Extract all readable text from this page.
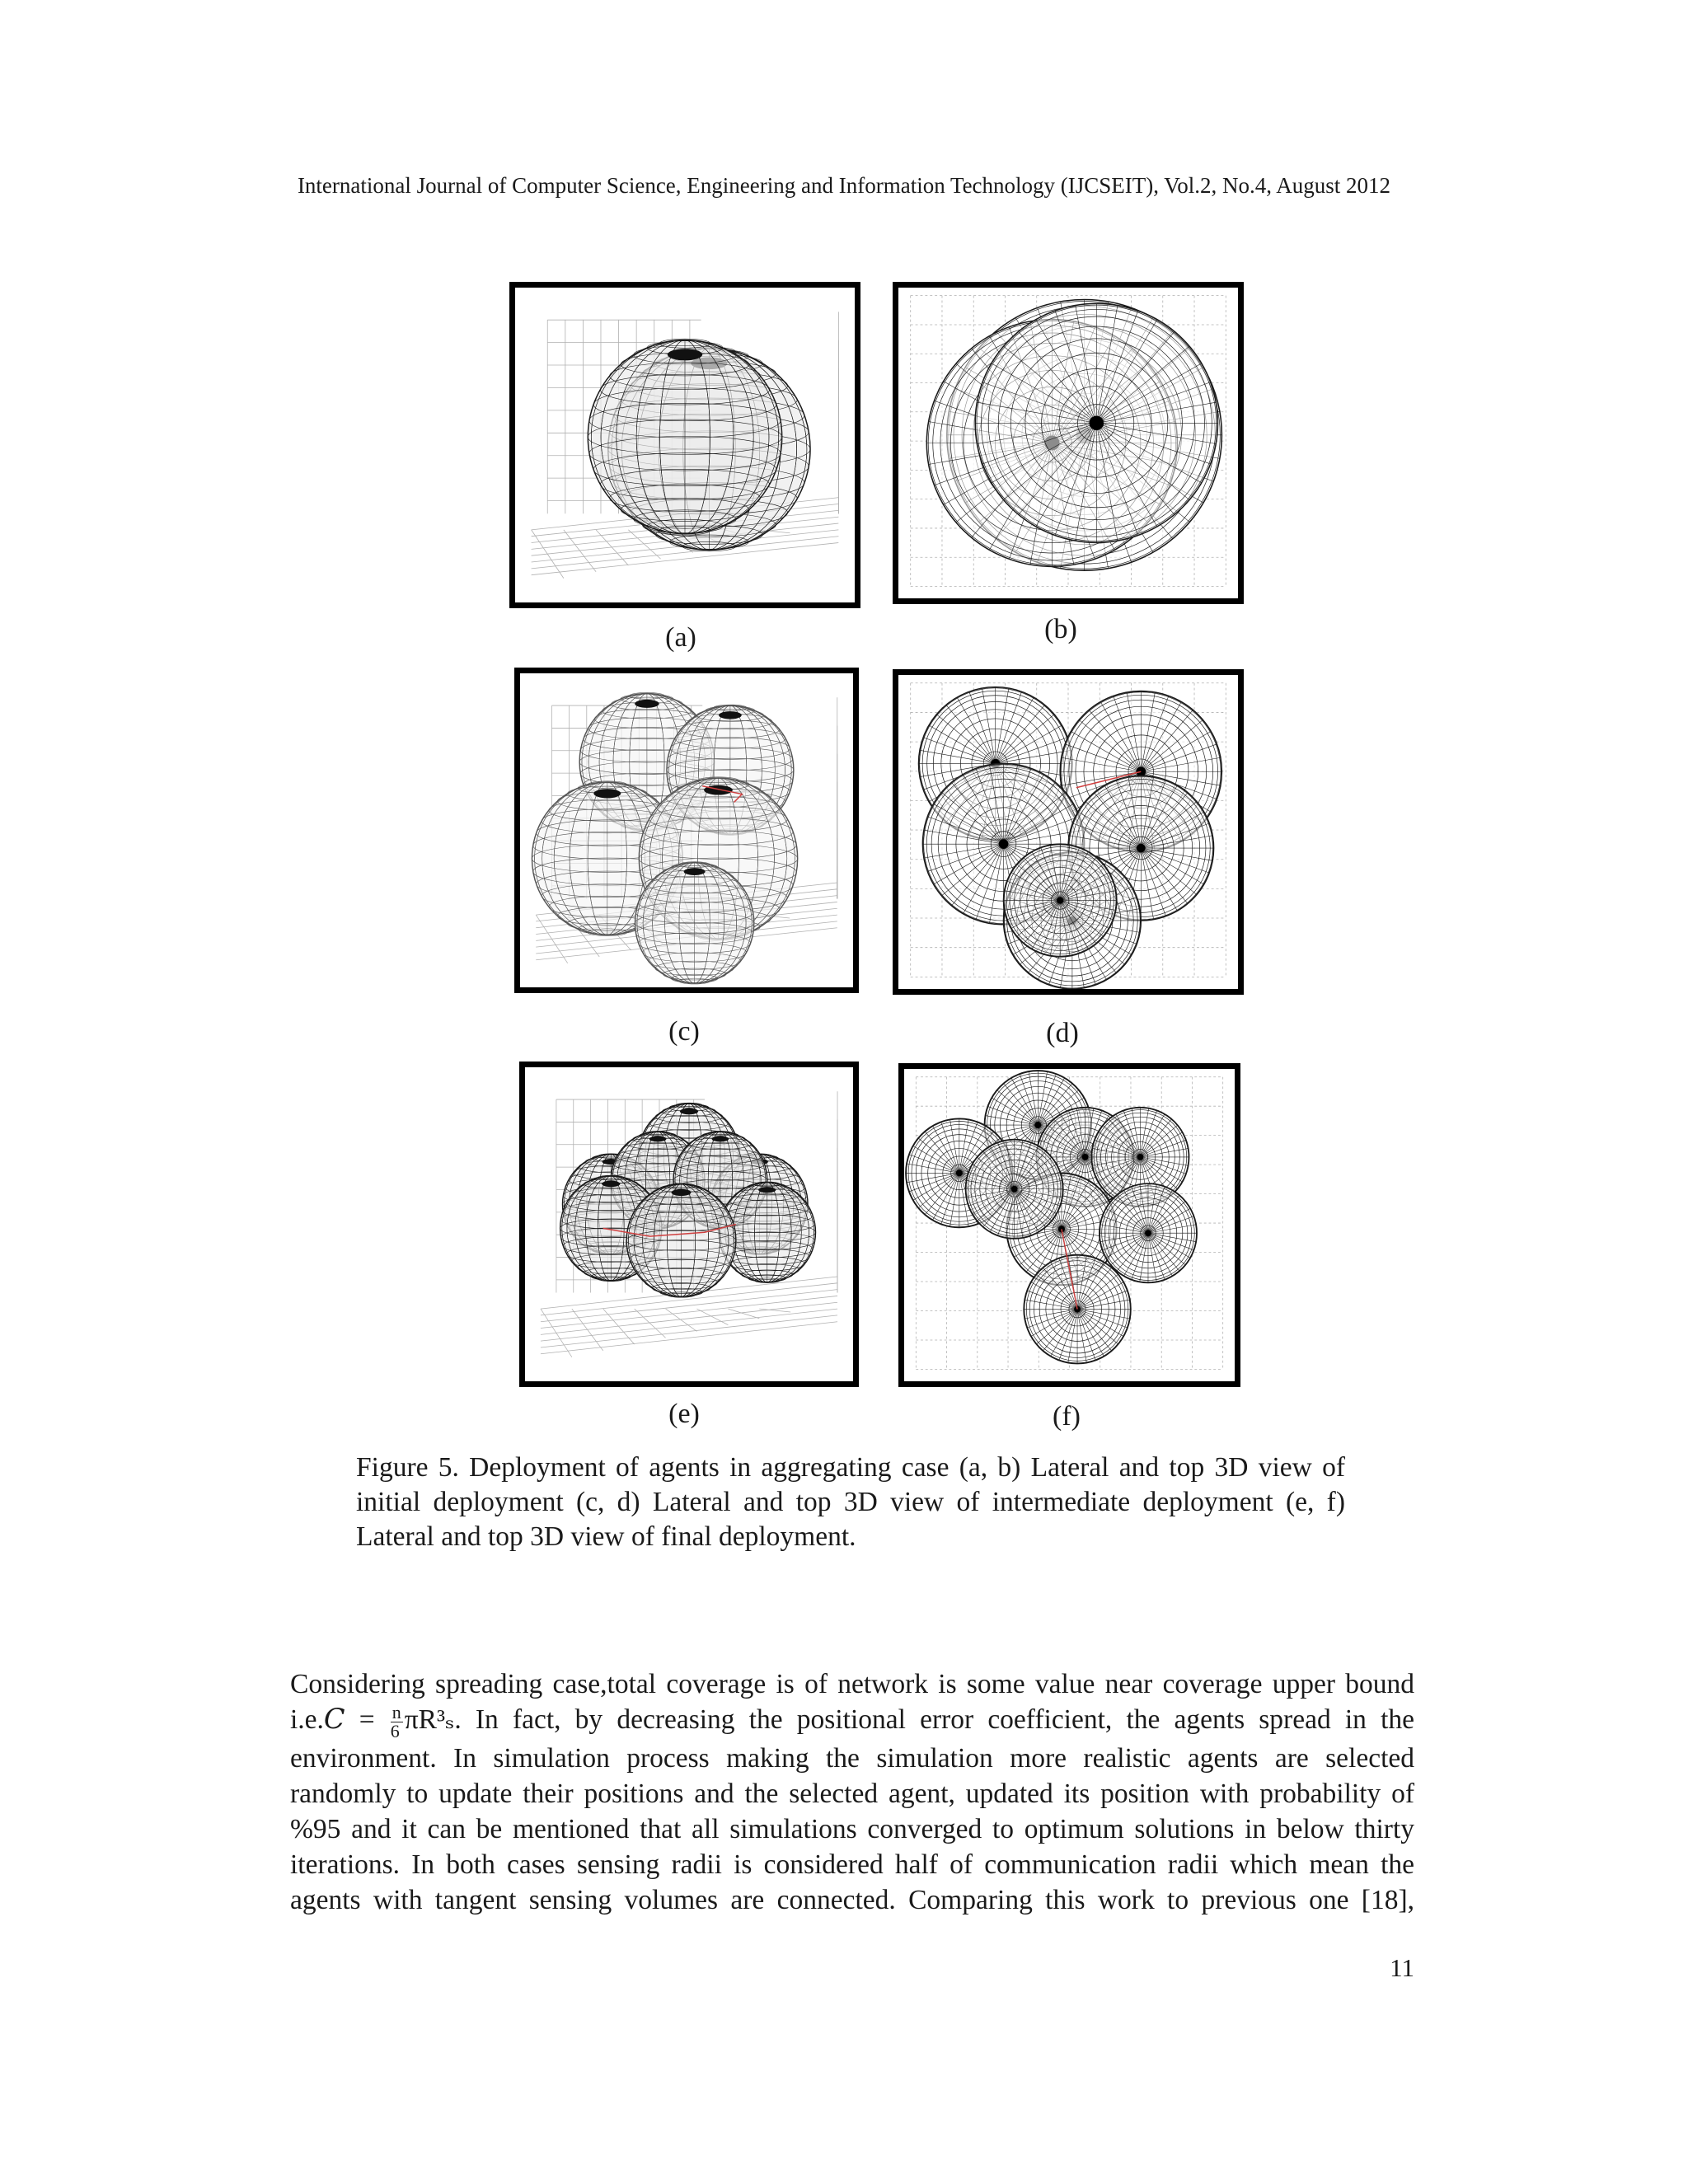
International Journal of Computer Science, Engineering and Information Technology (IJCSEIT), Vol.2, No.4, August 2012
(a)	(b)
(c)	(d)
(e)	(f)
Figure 5. Deployment of agents in aggregating case (a, b) Lateral and top 3D view of initial deployment (c, d) Lateral and top 3D view of intermediate deployment (e, f) Lateral and top 3D view of final deployment.
Considering spreading case,total coverage is of network is some value near coverage upper bound
i.e.𝐶 = $\frac{n}{6} \pi R^3_s$. In fact, by decreasing the positional error coefficient, the agents spread in the
environment. In simulation process making the simulation more realistic agents are selected
randomly to update their positions and the selected agent, updated its position with probability of
%95 and it can be mentioned that all simulations converged to optimum solutions in below thirty
iterations. In both cases sensing radii is considered half of communication radii which mean the
agents with tangent sensing volumes are connected. Comparing this work to previous one [18],
11
